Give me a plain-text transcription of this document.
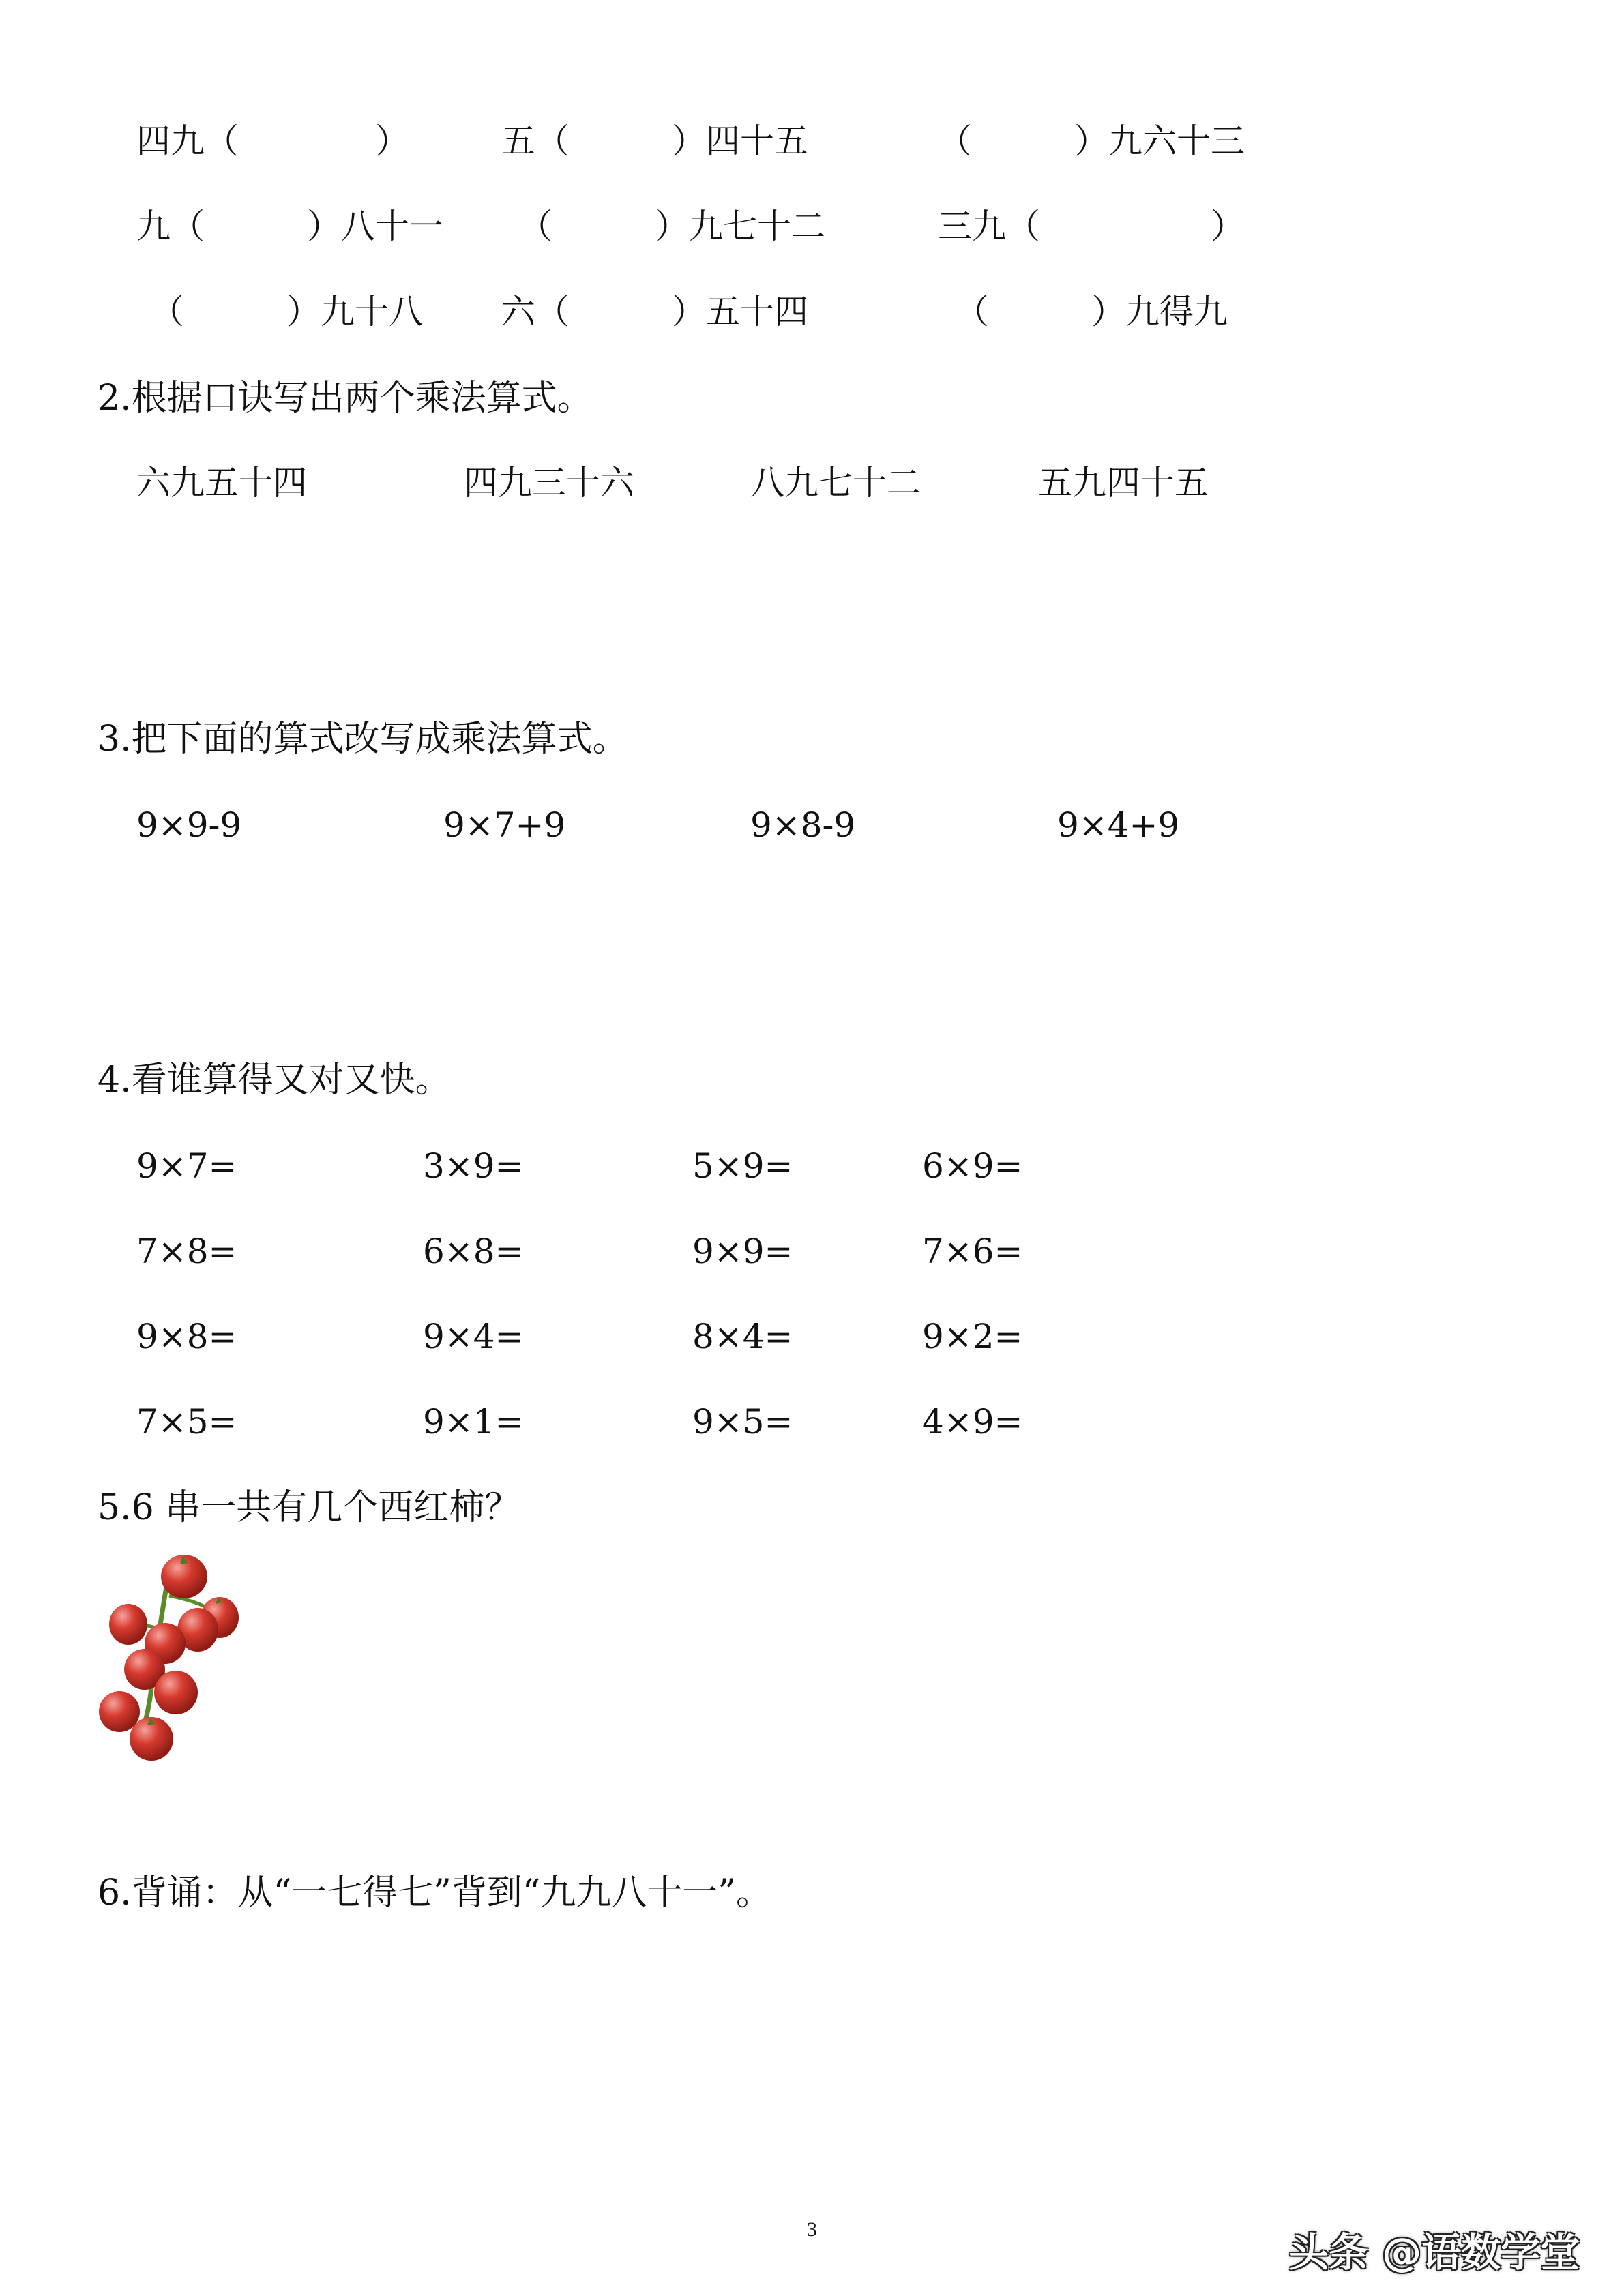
四九（　　　　）	五（　　　）四十五	（　　　）九六十三
九（　　　）八十一 （　　　）九七十二	三九（　　　　　）
（　　　）九十八 六（　　　）五十四	（　　　）九得九
2.根据口诀写出两个乘法算式。
六九五十四	四九三十六	八九七十二	五九四十五
3.把下面的算式改写成乘法算式。
9×9-9	9×7+9	9×8-9	9×4+9
4.看谁算得又对又快。
9×7=	3×9=	5×9=	6×9=
7×8=	6×8=	9×9=	7×6=
9×8=	9×4=	8×4=	9×2=
7×5=	9×1=	9×5=	4×9=
5.6 串一共有几个西红柿？
6.背诵：从“一七得七”背到“九九八十一”。
3	头条 @语数学堂
